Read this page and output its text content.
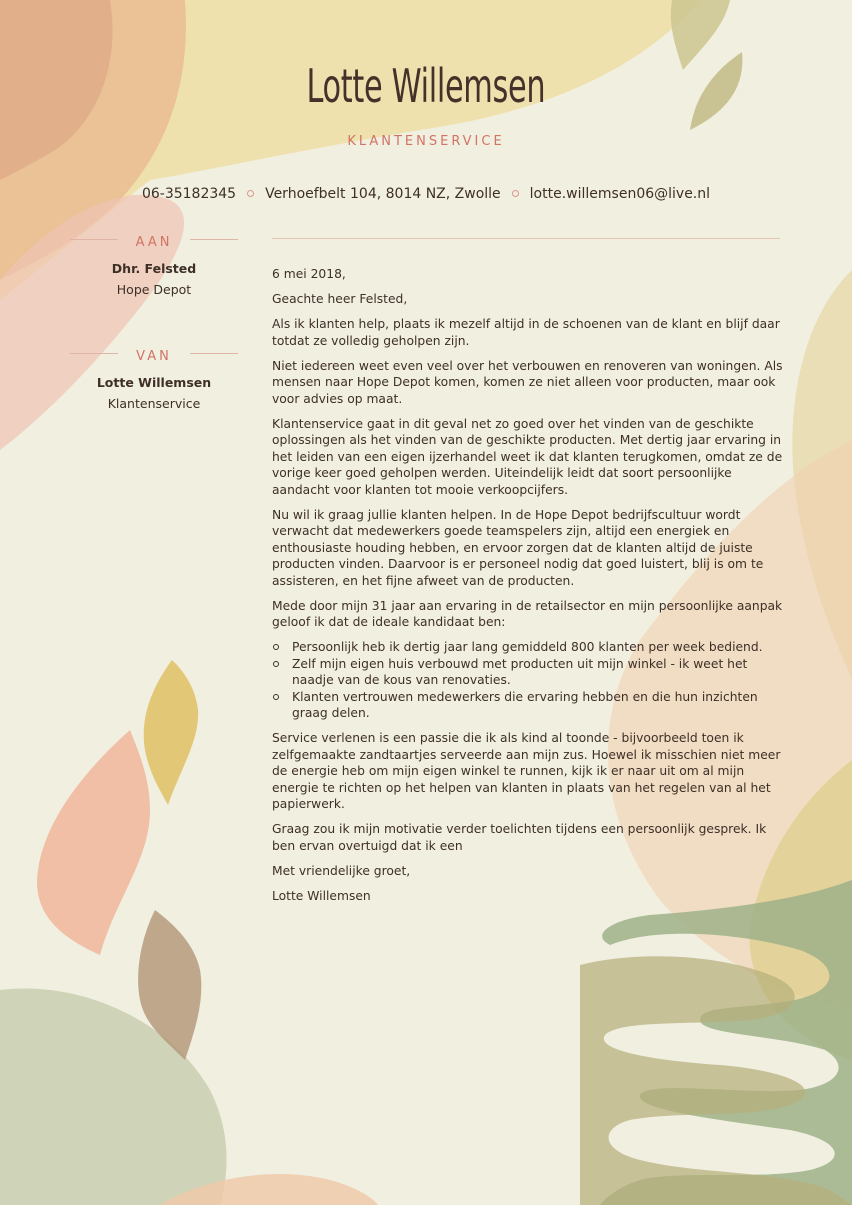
Lotte Willemsen
KLANTENSERVICE
06-35182345 Verhoefbelt 104, 8014 NZ, Zwolle lotte.willemsen06@live.nl
AAN
Dhr. Felsted
Hope Depot
VAN
Lotte Willemsen
Klantenservice

6 mei 2018,

Geachte heer Felsted,

Als ik klanten help, plaats ik mezelf altijd in de schoenen van de klant en blijf daar totdat ze volledig geholpen zijn.

Niet iedereen weet even veel over het verbouwen en renoveren van woningen. Als mensen naar Hope Depot komen, komen ze niet alleen voor producten, maar ook voor advies op maat.

Klantenservice gaat in dit geval net zo goed over het vinden van de geschikte oplossingen als het vinden van de geschikte producten. Met dertig jaar ervaring in het leiden van een eigen ijzerhandel weet ik dat klanten terugkomen, omdat ze de vorige keer goed geholpen werden. Uiteindelijk leidt dat soort persoonlijke aandacht voor klanten tot mooie verkoopcijfers.

Nu wil ik graag jullie klanten helpen. In de Hope Depot bedrijfscultuur wordt verwacht dat medewerkers goede teamspelers zijn, altijd een energiek en enthousiaste houding hebben, en ervoor zorgen dat de klanten altijd de juiste producten vinden. Daarvoor is er personeel nodig dat goed luistert, blij is om te assisteren, en het fijne afweet van de producten.

Mede door mijn 31 jaar aan ervaring in de retailsector en mijn persoonlijke aanpak geloof ik dat de ideale kandidaat ben:

Persoonlijk heb ik dertig jaar lang gemiddeld 800 klanten per week bediend.
Zelf mijn eigen huis verbouwd met producten uit mijn winkel - ik weet het naadje van de kous van renovaties.
Klanten vertrouwen medewerkers die ervaring hebben en die hun inzichten graag delen.

Service verlenen is een passie die ik als kind al toonde - bijvoorbeeld toen ik zelfgemaakte zandtaartjes serveerde aan mijn zus. Hoewel ik misschien niet meer de energie heb om mijn eigen winkel te runnen, kijk ik er naar uit om al mijn energie te richten op het helpen van klanten in plaats van het regelen van al het papierwerk.

Graag zou ik mijn motivatie verder toelichten tijdens een persoonlijk gesprek. Ik ben ervan overtuigd dat ik een

Met vriendelijke groet,

Lotte Willemsen
